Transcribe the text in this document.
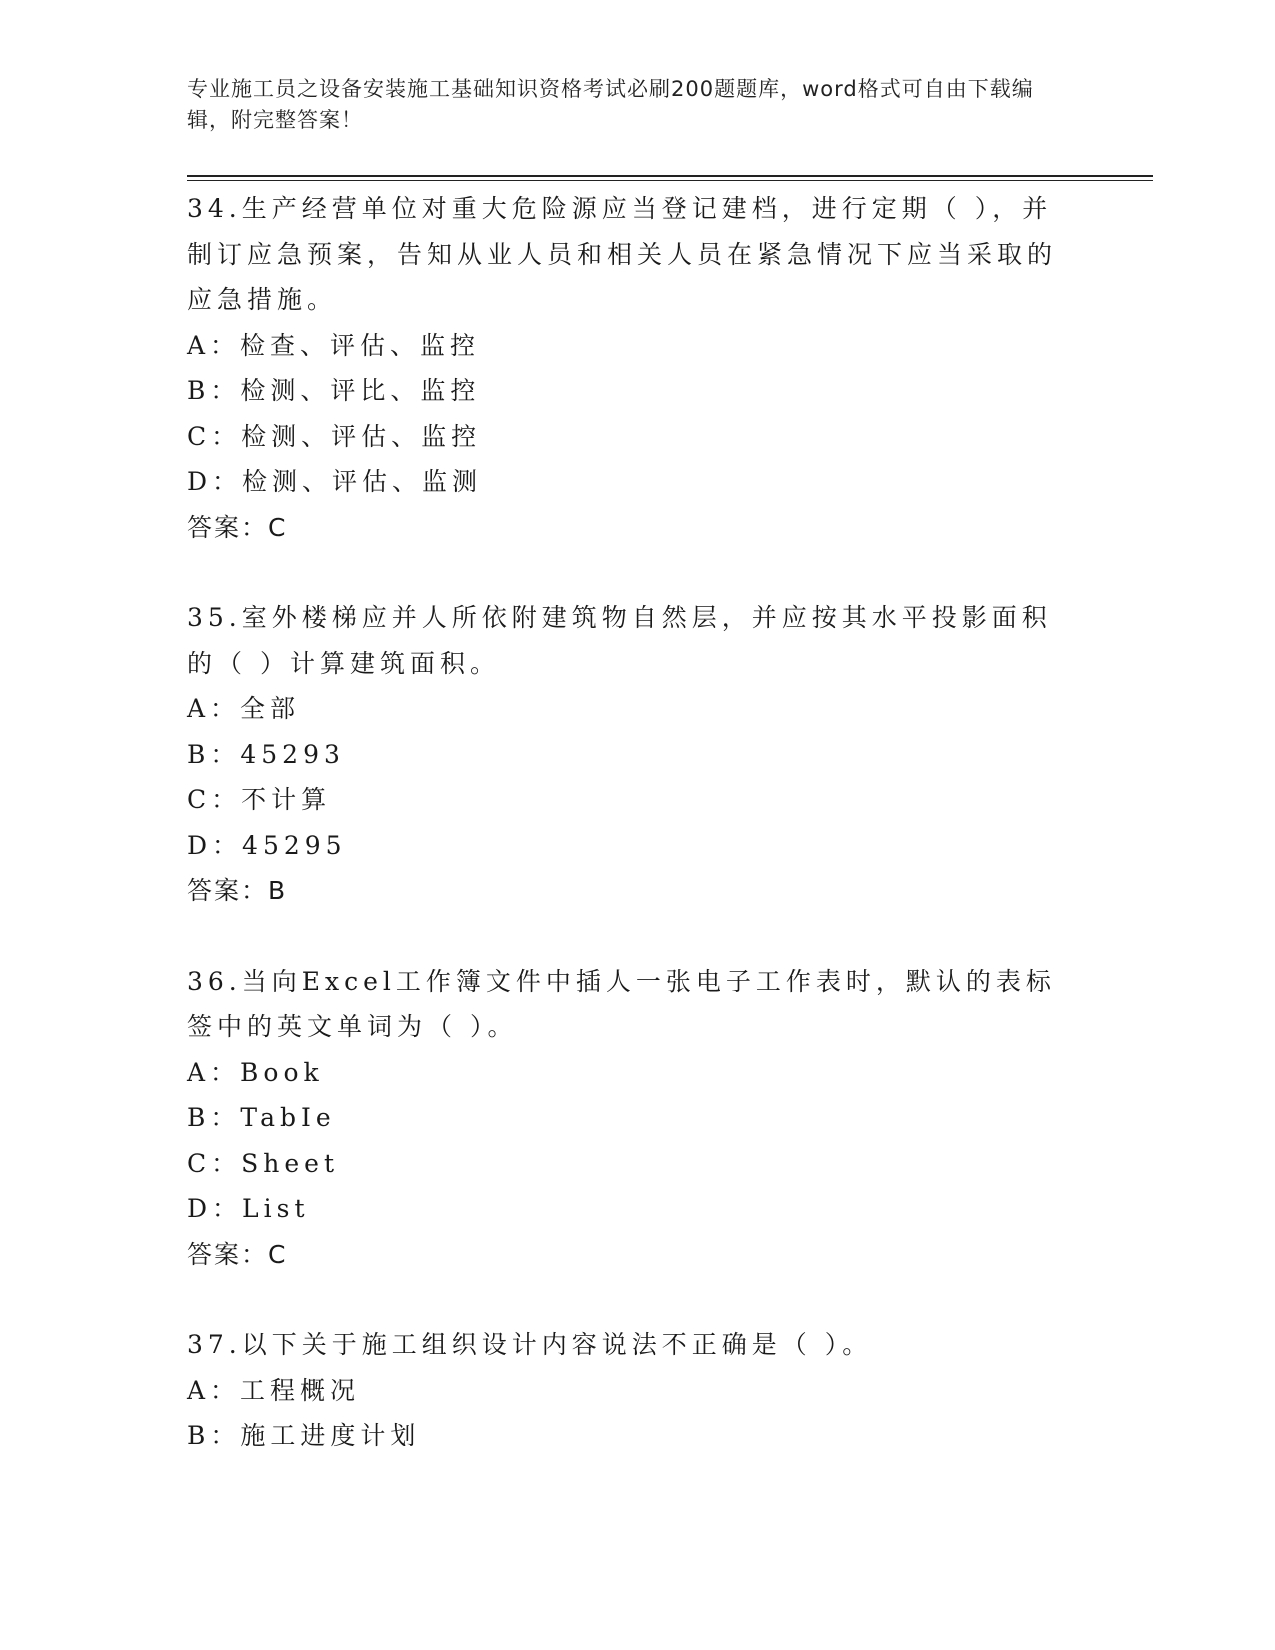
专业施工员之设备安装施工基础知识资格考试必刷200题题库，word格式可自由下载编辑，附完整答案！

34.生产经营单位对重大危险源应当登记建档，进行定期（ ），并制订应急预案，告知从业人员和相关人员在紧急情况下应当采取的应急措施。

A：检查、评估、监控

B：检测、评比、监控

C：检测、评估、监控

D：检测、评估、监测

答案：C

35.室外楼梯应并人所依附建筑物自然层，并应按其水平投影面积的（ ）计算建筑面积。

A：全部

B：45293

C：不计算

D：45295

答案：B

36.当向Excel工作簿文件中插人一张电子工作表时，默认的表标签中的英文单词为（ ）。

A：Book

B：TabIe

C：Sheet

D：List

答案：C

37.以下关于施工组织设计内容说法不正确是（ ）。

A：工程概况

B：施工进度计划
